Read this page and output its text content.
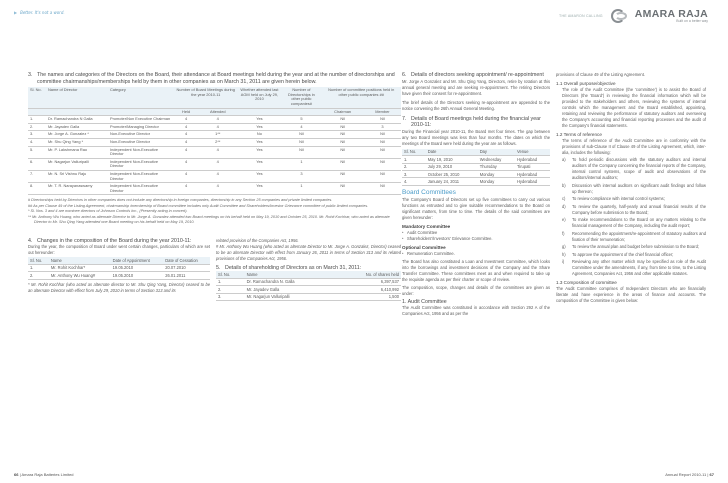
▶ Better. It's not a word.
THE AMARON CALLING	AMARA RAJA
Built on a better way
3. The names and categories of the Directors on the Board, their attendance at Board meetings held during the year and at the number of directorships and committee chairmanships/memberships held by them in other companies as on March 31, 2011 are given herein below.
Sl. No.	Name of Director	Category	Number of Board Meetings during the year 2010-11		Whether attended last AGM held on July 29, 2010	Number of Directorships in other public companies#	Number of committee positions held in other public companies ##	
			Held	Attended			Chairman	Member
1.	Dr. Ramachandra N Galla	Promoter/Non Executive Chairman	4	4	Yes	5	Nil	Nil
2.	Mr. Jayadev Galla	Promoter/Managing Director	4	4	Yes	4	Nil	3
3.	Mr. Jorge A. Gonzalez *	Non-Executive Director	4	1**	No	Nil	Nil	Nil
4.	Mr. Shu Qing Yang *	Non-Executive Director	4	2**	Yes	Nil	Nil	Nil
5.	Mr. P. Lakshmana Rao	Independent Non-Executive Director	4	4	Yes	Nil	Nil	Nil
6.	Mr. Nagarjun Valluripalli	Independent Non-Executive Director	4	4	Yes	1	Nil	Nil
7.	Mr. N. Sri Vishnu Raju	Independent Non-Executive Director	4	4	Yes	3	Nil	Nil
8.	Mr. T. R. Narayanaswamy	Independent Non-Executive Director	4	4	Yes	1	Nil	Nil

# Directorships held by Directors in other companies does not include any directorship in foreign companies, directorship in any Section 25 companies and private limited companies.

## As per Clause 49 of the Listing Agreement, chairmanship /membership of Board committee includes only Audit Committee and Shareholders/Investor Grievance committee of public limited companies.

* Sl. Nos. 3 and 4 are nominee directors of Johnson Controls Inc., (Presently acting in concert).

** Mr. Anthony Wu Huang, who acted as alternate Director to Mr. Jorge A. Gonzalez attended two Board meetings on his behalf held on May 19, 2010 and October 25, 2010. Mr. Rohit Kochhar, who acted as alternate Director to Mr. Shu Qing Yang attended one Board meeting on his behalf held on May 19, 2010.

4. Changes in the composition of the Board during the year 2010-11:
During the year, the composition of Board under went certain changes, particulars of which are set out hereunder:
Sl. No.	Name	Date of Appointment	Date of Cessation
1.	Mr. Rohit Kochhar*	19.05.2010	20.07.2010
2.	Mr. Anthony Wu Huang#	19.05.2010	26.01.2011
* Mr. Rohit Kochhar (who acted as alternate director to Mr. Shu Qing Yang, Director) ceased to be an alternate Director with effect from July 29, 2010 in terms of Section 313 and its
related provision of the Companies Act, 1956.
# Mr. Anthony Wu Huang (who acted as alternate Director to Mr. Jorge A. Gonzalez, Director) ceased to be an alternate Director with effect from January 26, 2011 in terms of Section 313 and its related provisions of the Companies Act, 1956.
5. Details of shareholding of Directors as on March 31, 2011:
Sl. No.	Name	No. of shares held
1.	Dr. Ramachandra N. Galla	6,397,537
2.	Mr. Jayadev Galla	6,410,992
3.	Mr. Nagarjun Valluripalli	1,500
6. Details of directors seeking appointment/ re-appointment
Mr. Jorge A Gonzalez and Mr. Shu Qing Yang, Directors, retire by rotation at this annual general meeting and are seeking re-appointment. The retiring Directors have given their consent for re-appointment.
The brief details of the Directors seeking re-appointment are appended to the notice convening the 26th Annual General Meeting.
7. Details of Board meetings held during the financial year 2010-11:
During the Financial year 2010-11, the Board met four times. The gap between any two Board meetings was less than four months. The dates on which the meetings of the Board were held during the year are as follows.
Sl. No.	Date	Day	Venue
1.	May 19, 2010	Wednesday	Hyderabad
2.	July 29, 2010	Thursday	Tirupati
3.	October 25, 2010	Monday	Hyderabad
4.	January 24, 2011	Monday	Hyderabad
Board Committees
The Company's Board of Directors set up five committees to carry out various functions as entrusted and to give suitable recommendations to the Board on significant matters, from time to time. The details of the said committees are given hereunder:
Mandatory Committee
• Audit Committee
• Shareholders'/Investors' Grievance Committee.
Optional Committee
• Remuneration Committee.
The Board has also constituted a Loan and Investment Committee, which looks into the borrowings and investment decisions of the Company and the Share Transfer Committee. These committees meet as and when required to take up the requisite agenda as per their charter or scope of review.
The composition, scope, changes and details of the committees are given as under:
1. Audit Committee
The Audit Committee was constituted in accordance with Section 292 A of the Companies Act, 1956 and as per the
provisions of Clause 49 of the Listing Agreement.
1.1 Overall purpose/objective
The role of the Audit Committee (the 'committee') is to assist the Board of Directors (the 'Board') in reviewing the financial information which will be provided to the stakeholders and others, reviewing the systems of internal controls which the management and the Board established, appointing, retaining and reviewing the performance of statutory auditors and overseeing the Company's accounting and financial reporting processes and the audit of the Company's financial statements.
1.2 Terms of reference
The terms of reference of the Audit Committee are in conformity with the provisions of sub-Clause II of Clause 49 of the Listing Agreement, which, inter-alia, includes the following:
a)	To hold periodic discussions with the statutory auditors and internal auditors of the Company concerning the financial reports of the Company, internal control systems, scope of audit and observations of the auditors/internal auditors;
b)	Discussion with internal auditors on significant audit findings and follow up thereon;
c)	To review compliance with internal control systems;
d)	To review the quarterly, half-yearly and annual financial results of the Company before submission to the Board;
e)	To make recommendations to the Board on any matters relating to the financial management of the Company, including the audit report;
f)	Recommending the appointment/re-appointment of statutory auditors and fixation of their remuneration;
g)	To review the annual plan and budget before submission to the Board;
h)	To approve the appointment of the chief financial officer;
i)	Reviewing any other matter which may be specified as role of the Audit Committee under the amendments, if any, from time to time, to the Listing Agreement, Companies Act, 1956 and other applicable statutes.
1.3 Composition of committee
The Audit Committee comprises of Independent Directors who are financially literate and have experience in the areas of finance and accounts. The composition of the Committee is given below:
66 | Amara Raja Batteries Limited	Annual Report 2010-11 | 67
